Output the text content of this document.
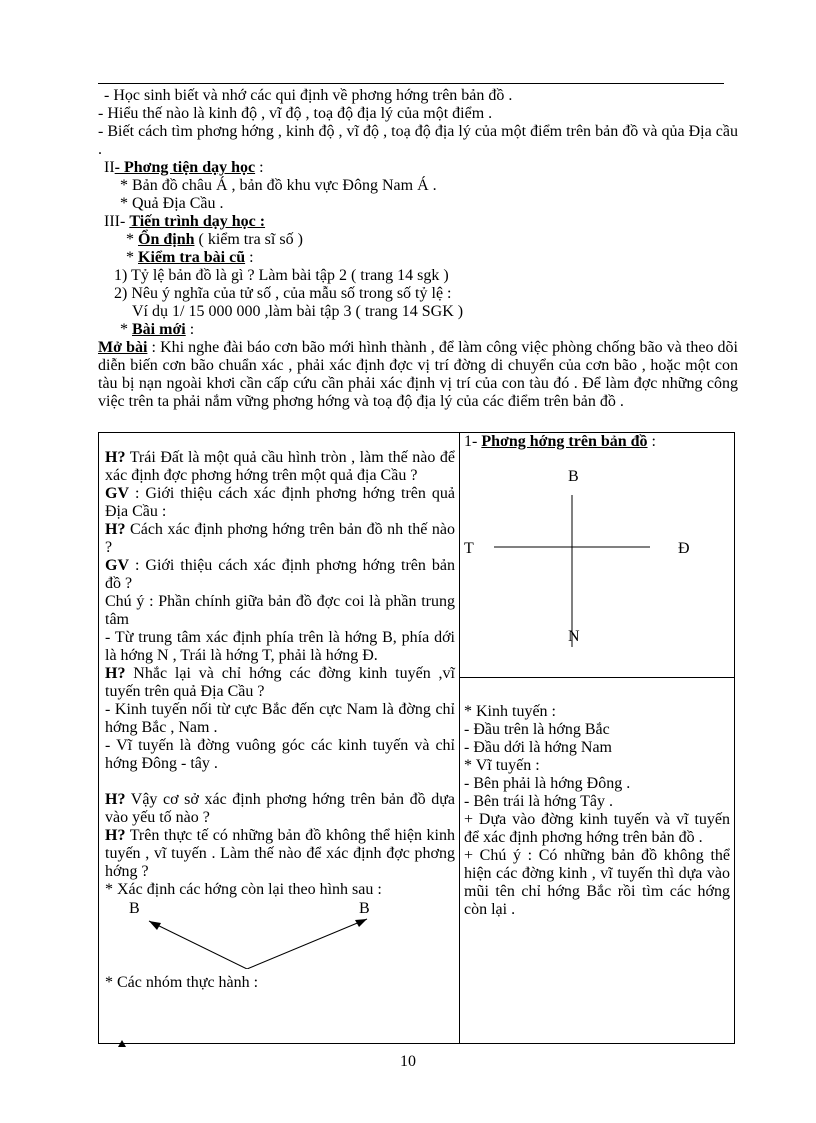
- Học sinh biết và nhớ các qui định về phơng hớng trên bản đồ .

- Hiểu thế nào là kinh độ , vĩ độ , toạ độ địa lý của một điểm .

- Biết cách tìm phơng hớng , kinh độ , vĩ độ , toạ độ địa lý của một điểm trên bản đồ và qủa Địa cầu .

II- Phơng tiện dạy học :

* Bản đồ châu Á , bản đồ khu vực Đông Nam Á .

* Quả Địa Cầu .

III- Tiến trình dạy học :

* Ổn định ( kiểm tra sĩ số )

* Kiểm tra bài cũ :

1) Tỷ lệ bản đồ là gì ? Làm bài tập 2 ( trang 14 sgk )

2) Nêu ý nghĩa của tử số , của mẫu số trong số tỷ lệ :

Ví dụ 1/ 15 000 000 ,làm bài tập 3 ( trang 14 SGK )

* Bài mới :

Mở bài : Khi nghe đài báo cơn bão mới hình thành , để làm công việc phòng chống bão và theo dõi diễn biến cơn bão chuẩn xác , phải xác định đợc vị trí đờng di chuyển của cơn bão , hoặc một con tàu bị nạn ngoài khơi cần cấp cứu cần phải xác định vị trí của con tàu đó . Để làm đợc những công việc trên ta phải nắm vững phơng hớng và toạ độ địa lý của các điểm trên bản đồ .

H? Trái Đất là một quả cầu hình tròn , làm thế nào để xác định đợc phơng hớng trên một quả địa Cầu ?

GV : Giới thiệu cách xác định phơng hớng trên quả Địa Cầu :

H? Cách xác định phơng hớng trên bản đồ nh thế nào ?

GV : Giới thiệu cách xác định phơng hớng trên bản đồ ?

Chú ý : Phần chính giữa bản đồ đợc coi là phần trung tâm

- Từ trung tâm xác định phía trên là hớng B, phía dới là hớng N , Trái là hớng T, phải là hớng Đ.

H? Nhắc lại và chỉ hớng các đờng kinh tuyến ,vĩ tuyến trên quả Địa Cầu ?

- Kinh tuyến nối từ cực Bắc đến cực Nam là đờng chỉ hớng Bắc , Nam .

- Vĩ tuyến là đờng vuông góc các kinh tuyến và chỉ hớng Đông - tây .

H? Vậy cơ sở xác định phơng hớng trên bản đồ dựa vào yếu tố nào ?

H? Trên thực tế có những bản đồ không thể hiện kinh tuyến , vĩ tuyến . Làm thế nào để xác định đợc phơng hớng ?

* Xác định các hớng còn lại theo hình sau :

B	B

* Các nhóm thực hành :

1- Phơng hớng trên bản đồ :

B
N
T	Đ

* Kinh tuyến :

- Đầu trên là hớng Bắc

- Đầu dới là hớng Nam

* Vĩ tuyến :

- Bên phải là hớng Đông .

- Bên trái là hớng Tây .

+ Dựa vào đờng kinh tuyến và vĩ tuyến để xác định phơng hớng trên bản đồ .

+ Chú ý : Có những bản đồ không thể hiện các đờng kinh , vĩ tuyến thì dựa vào mũi tên chỉ hớng Bắc rồi tìm các hớng còn lại .

10
